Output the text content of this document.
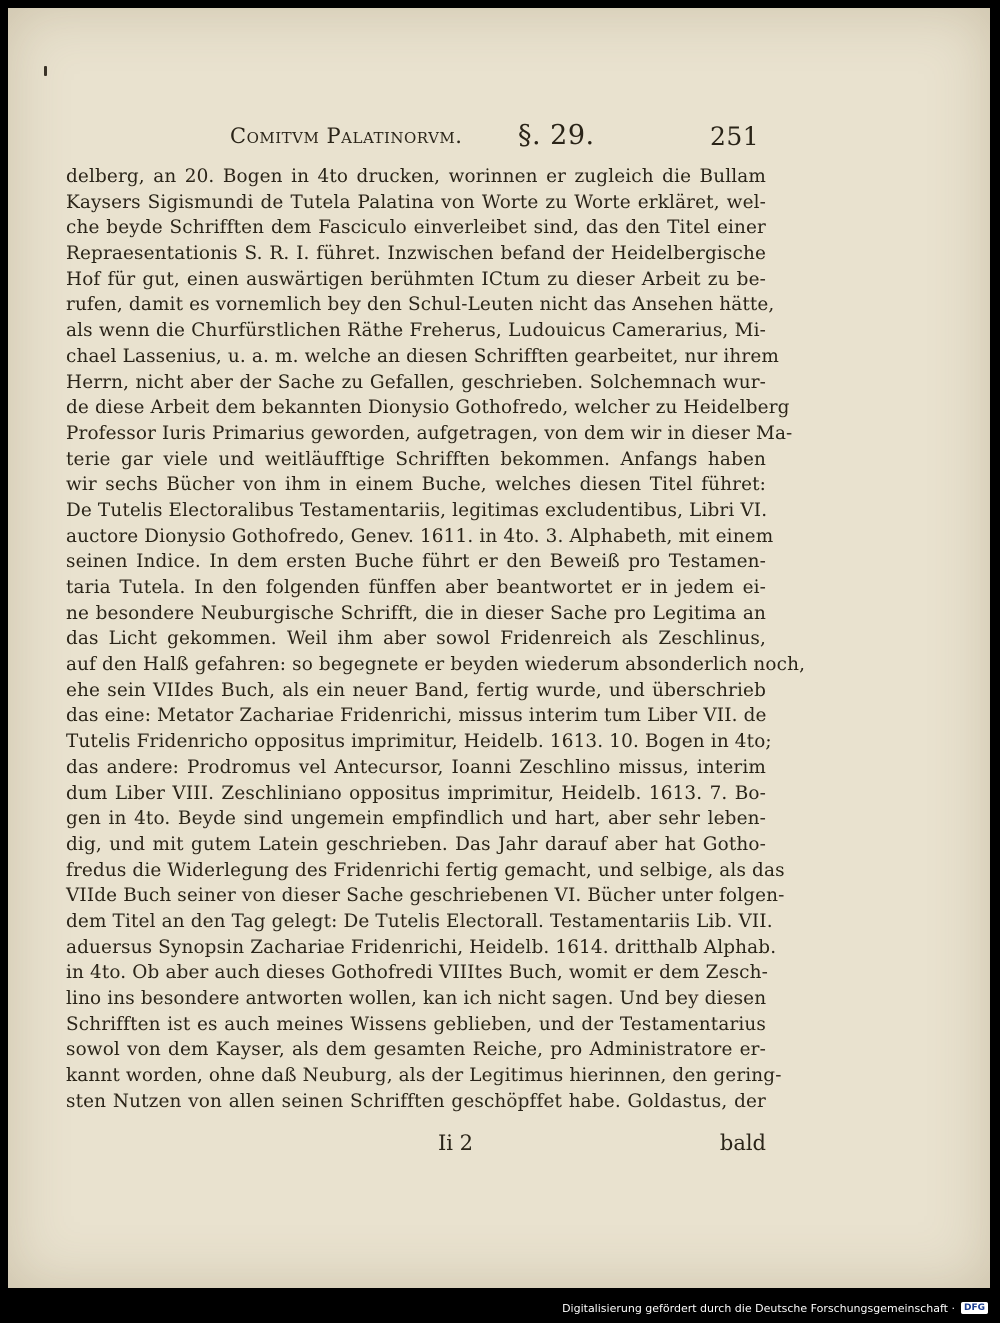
Comitvm Palatinorvm. §. 29.	251
delberg, an 20. Bogen in 4to drucken, worinnen er zugleich die Bullam
Kaysers Sigismundi de Tutela Palatina von Worte zu Worte erkläret, wel-
che beyde Schrifften dem Fasciculo einverleibet sind, das den Titel einer
Repraesentationis S. R. I. führet. Inzwischen befand der Heidelbergische
Hof für gut, einen auswärtigen berühmten ICtum zu dieser Arbeit zu be-
rufen, damit es vornemlich bey den Schul-Leuten nicht das Ansehen hätte,
als wenn die Churfürstlichen Räthe Freherus, Ludouicus Camerarius, Mi-
chael Lassenius, u. a. m. welche an diesen Schrifften gearbeitet, nur ihrem
Herrn, nicht aber der Sache zu Gefallen, geschrieben. Solchemnach wur-
de diese Arbeit dem bekannten Dionysio Gothofredo, welcher zu Heidelberg
Professor Iuris Primarius geworden, aufgetragen, von dem wir in dieser Ma-
terie gar viele und weitläufftige Schrifften bekommen. Anfangs haben
wir sechs Bücher von ihm in einem Buche, welches diesen Titel führet:
De Tutelis Electoralibus Testamentariis, legitimas excludentibus, Libri VI.
auctore Dionysio Gothofredo, Genev. 1611. in 4to. 3. Alphabeth, mit einem
seinen Indice. In dem ersten Buche führt er den Beweiß pro Testamen-
taria Tutela. In den folgenden fünffen aber beantwortet er in jedem ei-
ne besondere Neuburgische Schrifft, die in dieser Sache pro Legitima an
das Licht gekommen. Weil ihm aber sowol Fridenreich als Zeschlinus,
auf den Halß gefahren: so begegnete er beyden wiederum absonderlich noch,
ehe sein VIIdes Buch, als ein neuer Band, fertig wurde, und überschrieb
das eine: Metator Zachariae Fridenrichi, missus interim tum Liber VII. de
Tutelis Fridenricho oppositus imprimitur, Heidelb. 1613. 10. Bogen in 4to;
das andere: Prodromus vel Antecursor, Ioanni Zeschlino missus, interim
dum Liber VIII. Zeschliniano oppositus imprimitur, Heidelb. 1613. 7. Bo-
gen in 4to. Beyde sind ungemein empfindlich und hart, aber sehr leben-
dig, und mit gutem Latein geschrieben. Das Jahr darauf aber hat Gotho-
fredus die Widerlegung des Fridenrichi fertig gemacht, und selbige, als das
VIIde Buch seiner von dieser Sache geschriebenen VI. Bücher unter folgen-
dem Titel an den Tag gelegt: De Tutelis Electorall. Testamentariis Lib. VII.
aduersus Synopsin Zachariae Fridenrichi, Heidelb. 1614. dritthalb Alphab.
in 4to. Ob aber auch dieses Gothofredi VIIItes Buch, womit er dem Zesch-
lino ins besondere antworten wollen, kan ich nicht sagen. Und bey diesen
Schrifften ist es auch meines Wissens geblieben, und der Testamentarius
sowol von dem Kayser, als dem gesamten Reiche, pro Administratore er-
kannt worden, ohne daß Neuburg, als der Legitimus hierinnen, den gering-
sten Nutzen von allen seinen Schrifften geschöpffet habe. Goldastus, der
Ii 2	bald
Digitalisierung gefördert durch die Deutsche Forschungsgemeinschaft ·	DFG
